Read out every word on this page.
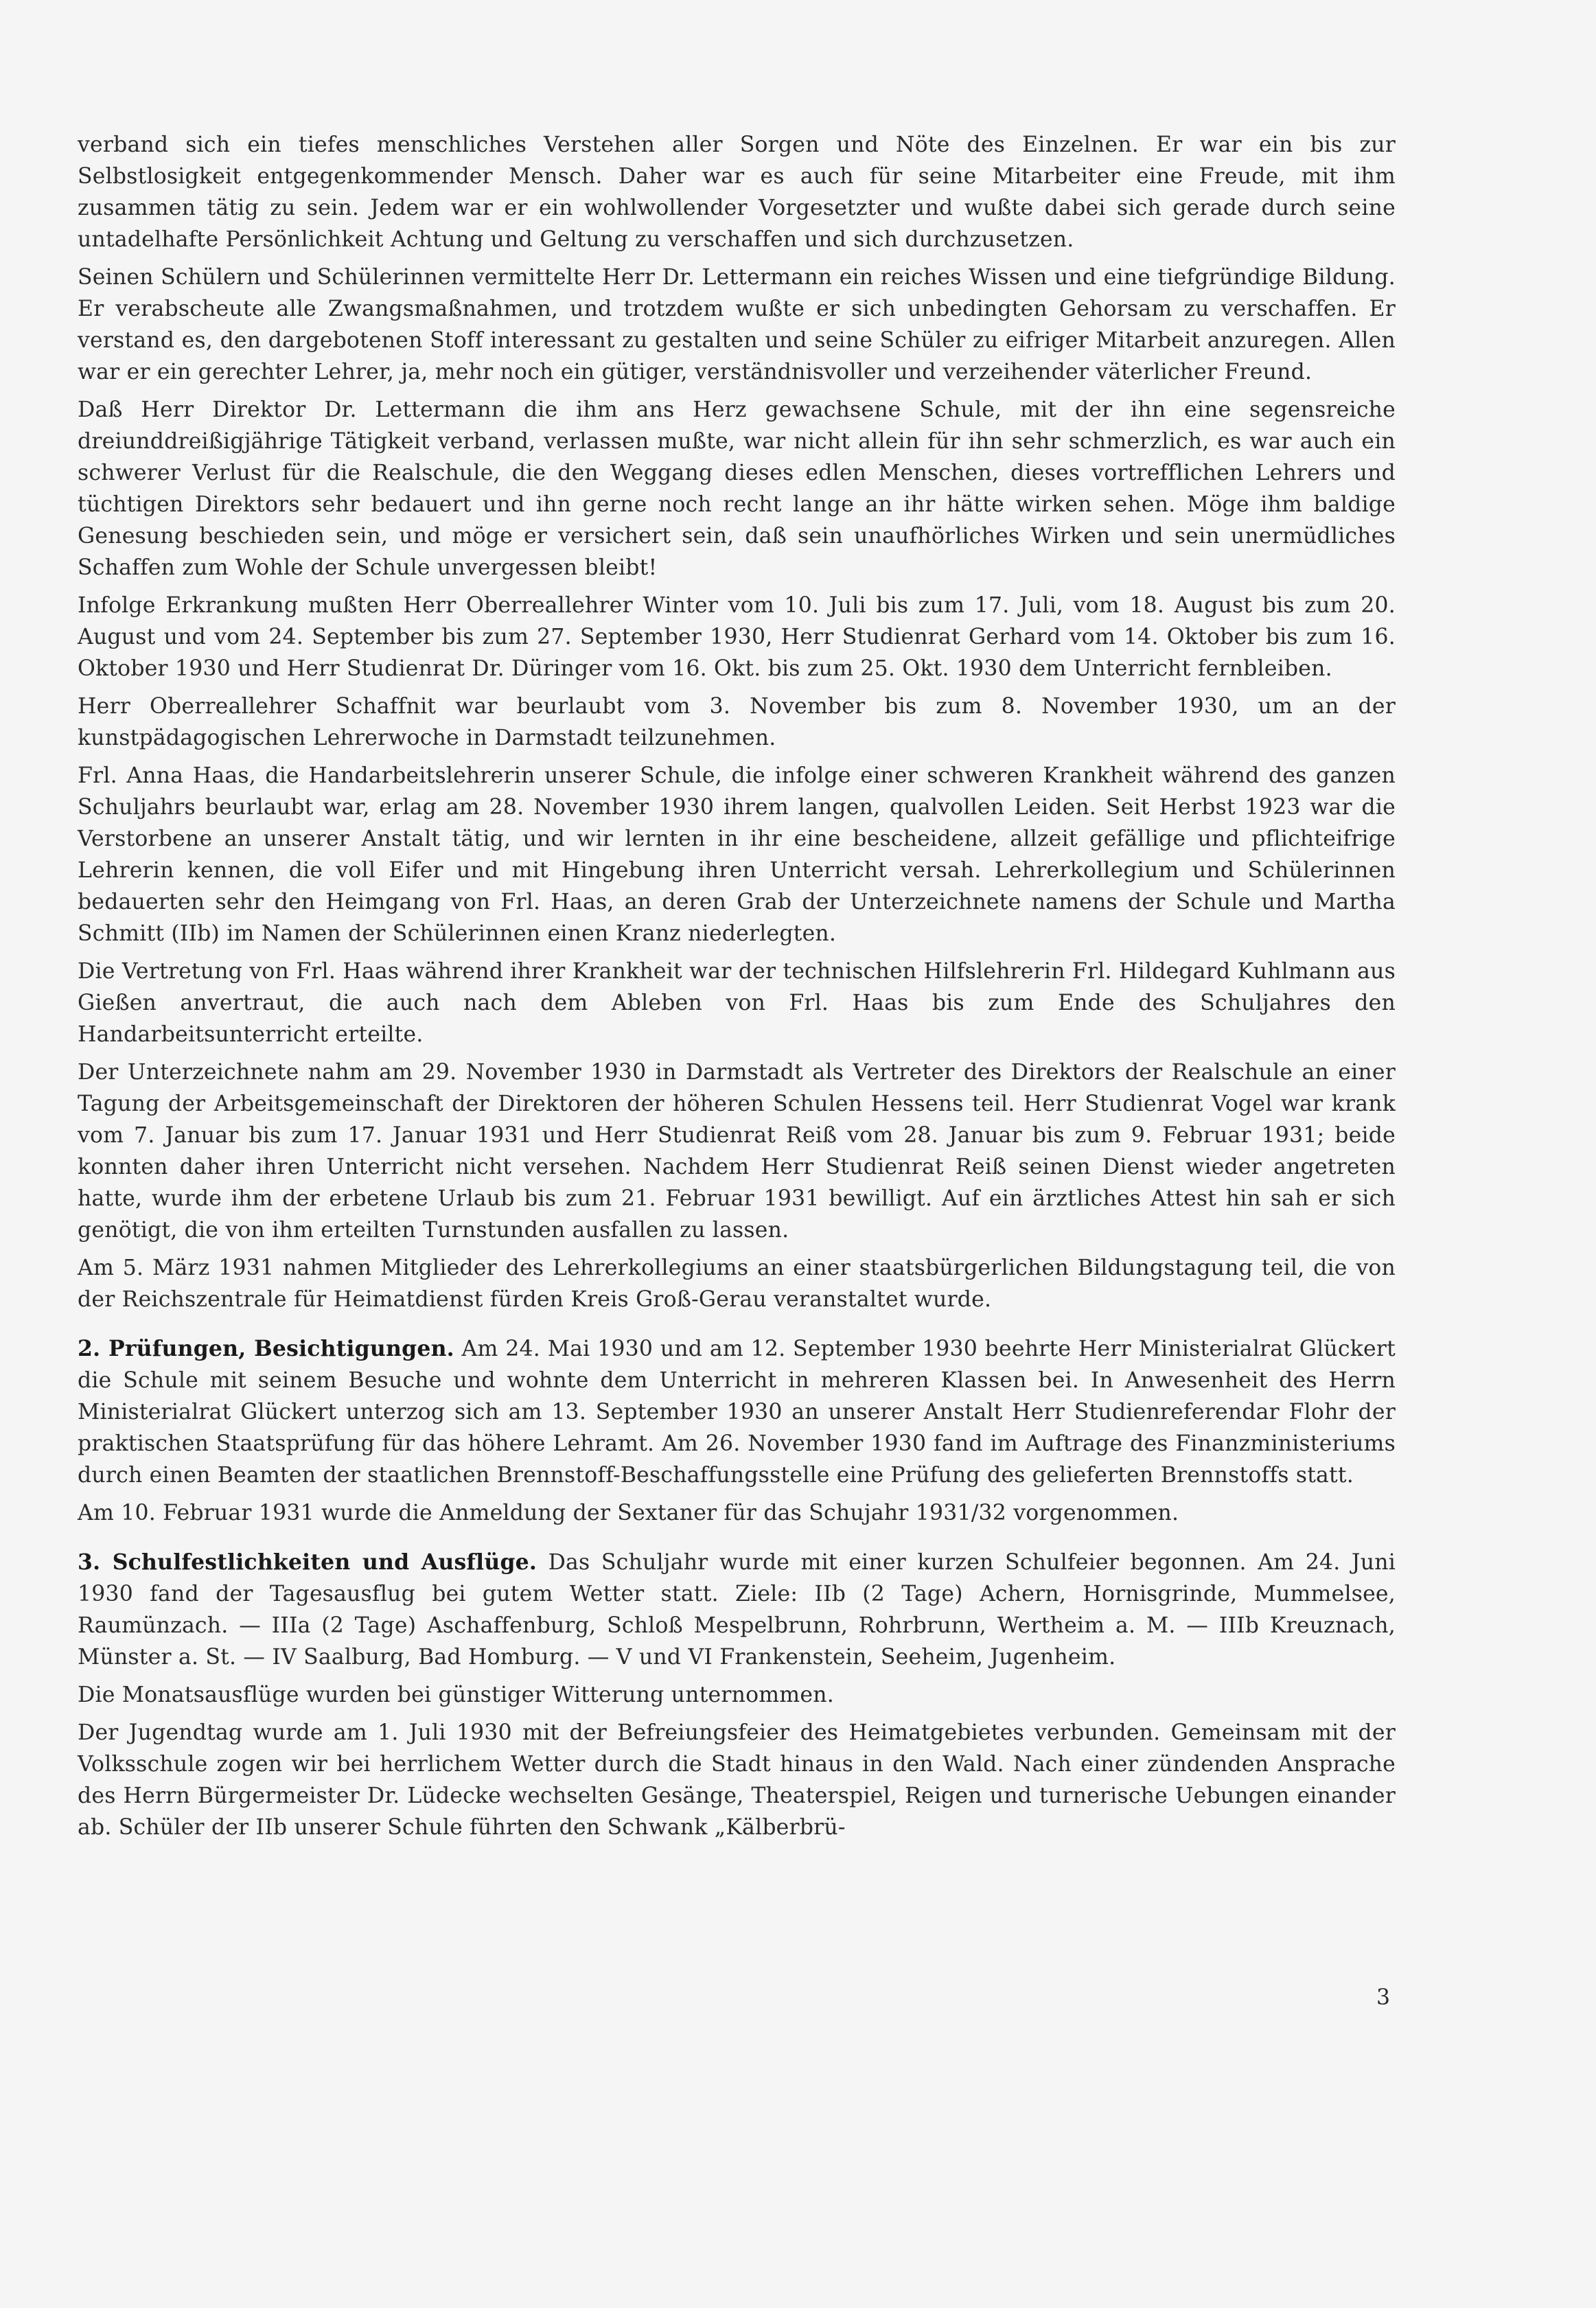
verband sich ein tiefes menschliches Verstehen aller Sorgen und Nöte des Einzelnen. Er war ein bis zur Selbstlosigkeit entgegenkommender Mensch. Daher war es auch für seine Mitarbeiter eine Freude, mit ihm zusammen tätig zu sein. Jedem war er ein wohlwollender Vorgesetzter und wußte dabei sich gerade durch seine untadelhafte Persönlichkeit Achtung und Geltung zu verschaffen und sich durchzusetzen.

Seinen Schülern und Schülerinnen vermittelte Herr Dr. Lettermann ein reiches Wissen und eine tiefgründige Bildung. Er verabscheute alle Zwangsmaßnahmen, und trotzdem wußte er sich unbedingten Gehorsam zu verschaffen. Er verstand es, den dargebotenen Stoff interessant zu gestalten und seine Schüler zu eifriger Mitarbeit anzuregen. Allen war er ein gerechter Lehrer, ja, mehr noch ein gütiger, verständnisvoller und verzeihender väterlicher Freund.

Daß Herr Direktor Dr. Lettermann die ihm ans Herz gewachsene Schule, mit der ihn eine segensreiche dreiunddreißigjährige Tätigkeit verband, verlassen mußte, war nicht allein für ihn sehr schmerzlich, es war auch ein schwerer Verlust für die Realschule, die den Weggang dieses edlen Menschen, dieses vortrefflichen Lehrers und tüchtigen Direktors sehr bedauert und ihn gerne noch recht lange an ihr hätte wirken sehen. Möge ihm baldige Genesung beschieden sein, und möge er versichert sein, daß sein unaufhörliches Wirken und sein unermüdliches Schaffen zum Wohle der Schule unvergessen bleibt!

Infolge Erkrankung mußten Herr Oberreallehrer Winter vom 10. Juli bis zum 17. Juli, vom 18. August bis zum 20. August und vom 24. September bis zum 27. September 1930, Herr Studienrat Gerhard vom 14. Oktober bis zum 16. Oktober 1930 und Herr Studienrat Dr. Düringer vom 16. Okt. bis zum 25. Okt. 1930 dem Unterricht fernbleiben.

Herr Oberreallehrer Schaffnit war beurlaubt vom 3. November bis zum 8. November 1930, um an der kunstpädagogischen Lehrerwoche in Darmstadt teilzunehmen.

Frl. Anna Haas, die Handarbeitslehrerin unserer Schule, die infolge einer schweren Krankheit während des ganzen Schuljahrs beurlaubt war, erlag am 28. November 1930 ihrem langen, qualvollen Leiden. Seit Herbst 1923 war die Verstorbene an unserer Anstalt tätig, und wir lernten in ihr eine bescheidene, allzeit gefällige und pflichteifrige Lehrerin kennen, die voll Eifer und mit Hingebung ihren Unterricht versah. Lehrerkollegium und Schülerinnen bedauerten sehr den Heimgang von Frl. Haas, an deren Grab der Unterzeichnete namens der Schule und Martha Schmitt (IIb) im Namen der Schülerinnen einen Kranz niederlegten.

Die Vertretung von Frl. Haas während ihrer Krankheit war der technischen Hilfslehrerin Frl. Hildegard Kuhlmann aus Gießen anvertraut, die auch nach dem Ableben von Frl. Haas bis zum Ende des Schuljahres den Handarbeitsunterricht erteilte.

Der Unterzeichnete nahm am 29. November 1930 in Darmstadt als Vertreter des Direktors der Realschule an einer Tagung der Arbeitsgemeinschaft der Direktoren der höheren Schulen Hessens teil. Herr Studienrat Vogel war krank vom 7. Januar bis zum 17. Januar 1931 und Herr Studienrat Reiß vom 28. Januar bis zum 9. Februar 1931; beide konnten daher ihren Unterricht nicht versehen. Nachdem Herr Studienrat Reiß seinen Dienst wieder angetreten hatte, wurde ihm der erbetene Urlaub bis zum 21. Februar 1931 bewilligt. Auf ein ärztliches Attest hin sah er sich genötigt, die von ihm erteilten Turnstunden ausfallen zu lassen.

Am 5. März 1931 nahmen Mitglieder des Lehrerkollegiums an einer staatsbürgerlichen Bildungstagung teil, die von der Reichszentrale für Heimatdienst fürden Kreis Groß-Gerau veranstaltet wurde.

2. Prüfungen, Besichtigungen. Am 24. Mai 1930 und am 12. September 1930 beehrte Herr Ministerialrat Glückert die Schule mit seinem Besuche und wohnte dem Unterricht in mehreren Klassen bei. In Anwesenheit des Herrn Ministerialrat Glückert unterzog sich am 13. September 1930 an unserer Anstalt Herr Studienreferendar Flohr der praktischen Staatsprüfung für das höhere Lehramt. Am 26. November 1930 fand im Auftrage des Finanzministeriums durch einen Beamten der staatlichen Brennstoff-Beschaffungsstelle eine Prüfung des gelieferten Brennstoffs statt.

Am 10. Februar 1931 wurde die Anmeldung der Sextaner für das Schujahr 1931/32 vorgenommen.

3. Schulfestlichkeiten und Ausflüge. Das Schuljahr wurde mit einer kurzen Schulfeier begonnen. Am 24. Juni 1930 fand der Tagesausflug bei gutem Wetter statt. Ziele: IIb (2 Tage) Achern, Hornisgrinde, Mummelsee, Raumünzach. — IIIa (2 Tage) Aschaffenburg, Schloß Mespelbrunn, Rohrbrunn, Wertheim a. M. — IIIb Kreuznach, Münster a. St. — IV Saalburg, Bad Homburg. — V und VI Frankenstein, Seeheim, Jugenheim.

Die Monatsausflüge wurden bei günstiger Witterung unternommen.

Der Jugendtag wurde am 1. Juli 1930 mit der Befreiungsfeier des Heimatgebietes verbunden. Gemeinsam mit der Volksschule zogen wir bei herrlichem Wetter durch die Stadt hinaus in den Wald. Nach einer zündenden Ansprache des Herrn Bürgermeister Dr. Lüdecke wechselten Gesänge, Theaterspiel, Reigen und turnerische Uebungen einander ab. Schüler der IIb unserer Schule führten den Schwank „Kälberbrü-

3
